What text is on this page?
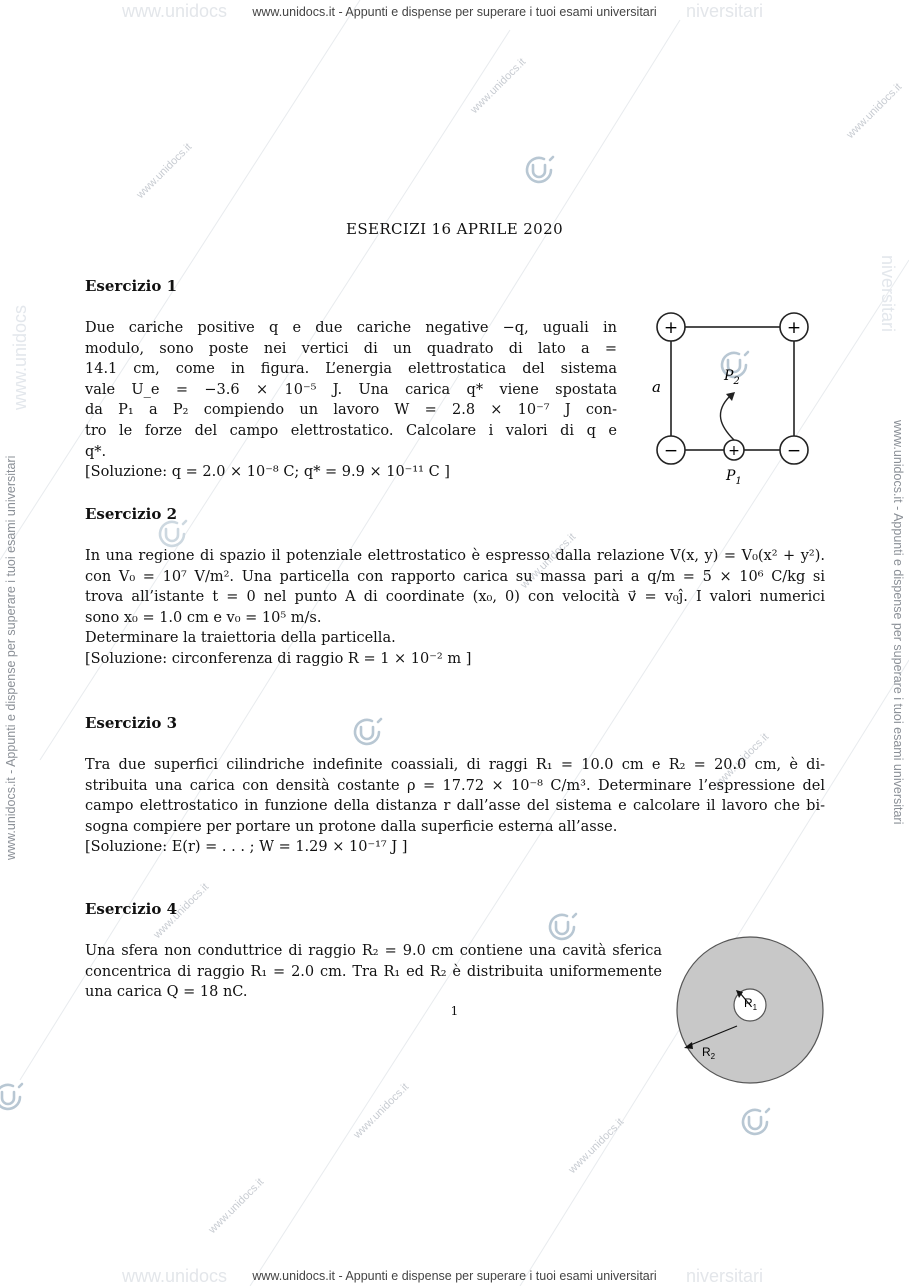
www.unidocs	niversitari
www.unidocs.it - Appunti e dispense per superare i tuoi esami universitari
www.unidocs	niversitari
www.unidocs.it - Appunti e dispense per superare i tuoi esami universitari
www.unidocs.it - Appunti e dispense per superare i tuoi esami universitari
www.unidocs
www.unidocs.it - Appunti e dispense per superare i tuoi esami universitari
niversitari
www.unidocs.it
www.unidocs.it	www.unidocs.it
www.unidocs.it
www.unidocs.it
www.unidocs.it
www.unidocs.it
www.unidocs.it
www.unidocs.it
ESERCIZI 16 APRILE 2020
Esercizio 1
Due cariche positive q e due cariche negative −q, uguali in
modulo, sono poste nei vertici di un quadrato di lato a =
14.1 cm, come in figura. L’energia elettrostatica del sistema
vale U_e = −3.6 × 10⁻⁵ J. Una carica q* viene spostata
da P₁ a P₂ compiendo un lavoro W = 2.8 × 10⁻⁷ J con-
tro le forze del campo elettrostatico. Calcolare i valori di q e
q*.
[Soluzione: q = 2.0 × 10⁻⁸ C; q* = 9.9 × 10⁻¹¹ C ]
+	+
−	−
+
a
$P_2$
$P_1$
Esercizio 2
In una regione di spazio il potenziale elettrostatico è espresso dalla relazione V(x, y) = V₀(x² + y²).
con V₀ = 10⁷ V/m². Una particella con rapporto carica su massa pari a q/m = 5 × 10⁶ C/kg si
trova all’istante t = 0 nel punto A di coordinate (x₀, 0) con velocità v⃗ = v₀ĵ. I valori numerici
sono x₀ = 1.0 cm e v₀ = 10⁵ m/s.
Determinare la traiettoria della particella.
[Soluzione: circonferenza di raggio R = 1 × 10⁻² m ]
Esercizio 3
Tra due superfici cilindriche indefinite coassiali, di raggi R₁ = 10.0 cm e R₂ = 20.0 cm, è di-
stribuita una carica con densità costante ρ = 17.72 × 10⁻⁸ C/m³. Determinare l’espressione del
campo elettrostatico in funzione della distanza r dall’asse del sistema e calcolare il lavoro che bi-
sogna compiere per portare un protone dalla superficie esterna all’asse.
[Soluzione: E(r) = . . . ; W = 1.29 × 10⁻¹⁷ J ]
Esercizio 4
Una sfera non conduttrice di raggio R₂ = 9.0 cm contiene una cavità sferica
concentrica di raggio R₁ = 2.0 cm. Tra R₁ ed R₂ è distribuita uniformemente
una carica Q = 18 nC.
$R_1$
$R_2$
1
